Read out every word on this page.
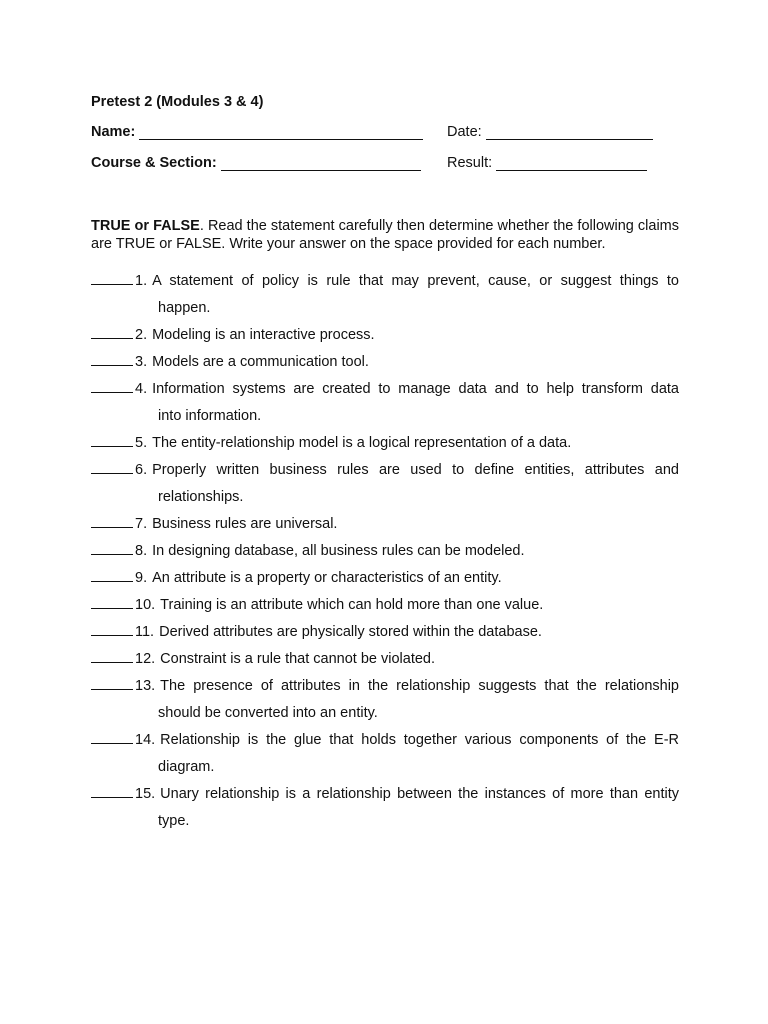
Pretest 2 (Modules 3 & 4)
Name:	Date:
Course & Section:	Result:
TRUE or FALSE. Read the statement carefully then determine whether the following claims are TRUE or FALSE. Write your answer on the space provided for each number.
1. A statement of policy is rule that may prevent, cause, or suggest things to
happen.
2. Modeling is an interactive process.
3. Models are a communication tool.
4. Information systems are created to manage data and to help transform data
into information.
5. The entity-relationship model is a logical representation of a data.
6. Properly written business rules are used to define entities, attributes and
relationships.
7. Business rules are universal.
8. In designing database, all business rules can be modeled.
9. An attribute is a property or characteristics of an entity.
10. Training is an attribute which can hold more than one value.
11. Derived attributes are physically stored within the database.
12. Constraint is a rule that cannot be violated.
13. The presence of attributes in the relationship suggests that the relationship
should be converted into an entity.
14. Relationship is the glue that holds together various components of the E-R
diagram.
15. Unary relationship is a relationship between the instances of more than entity
type.
